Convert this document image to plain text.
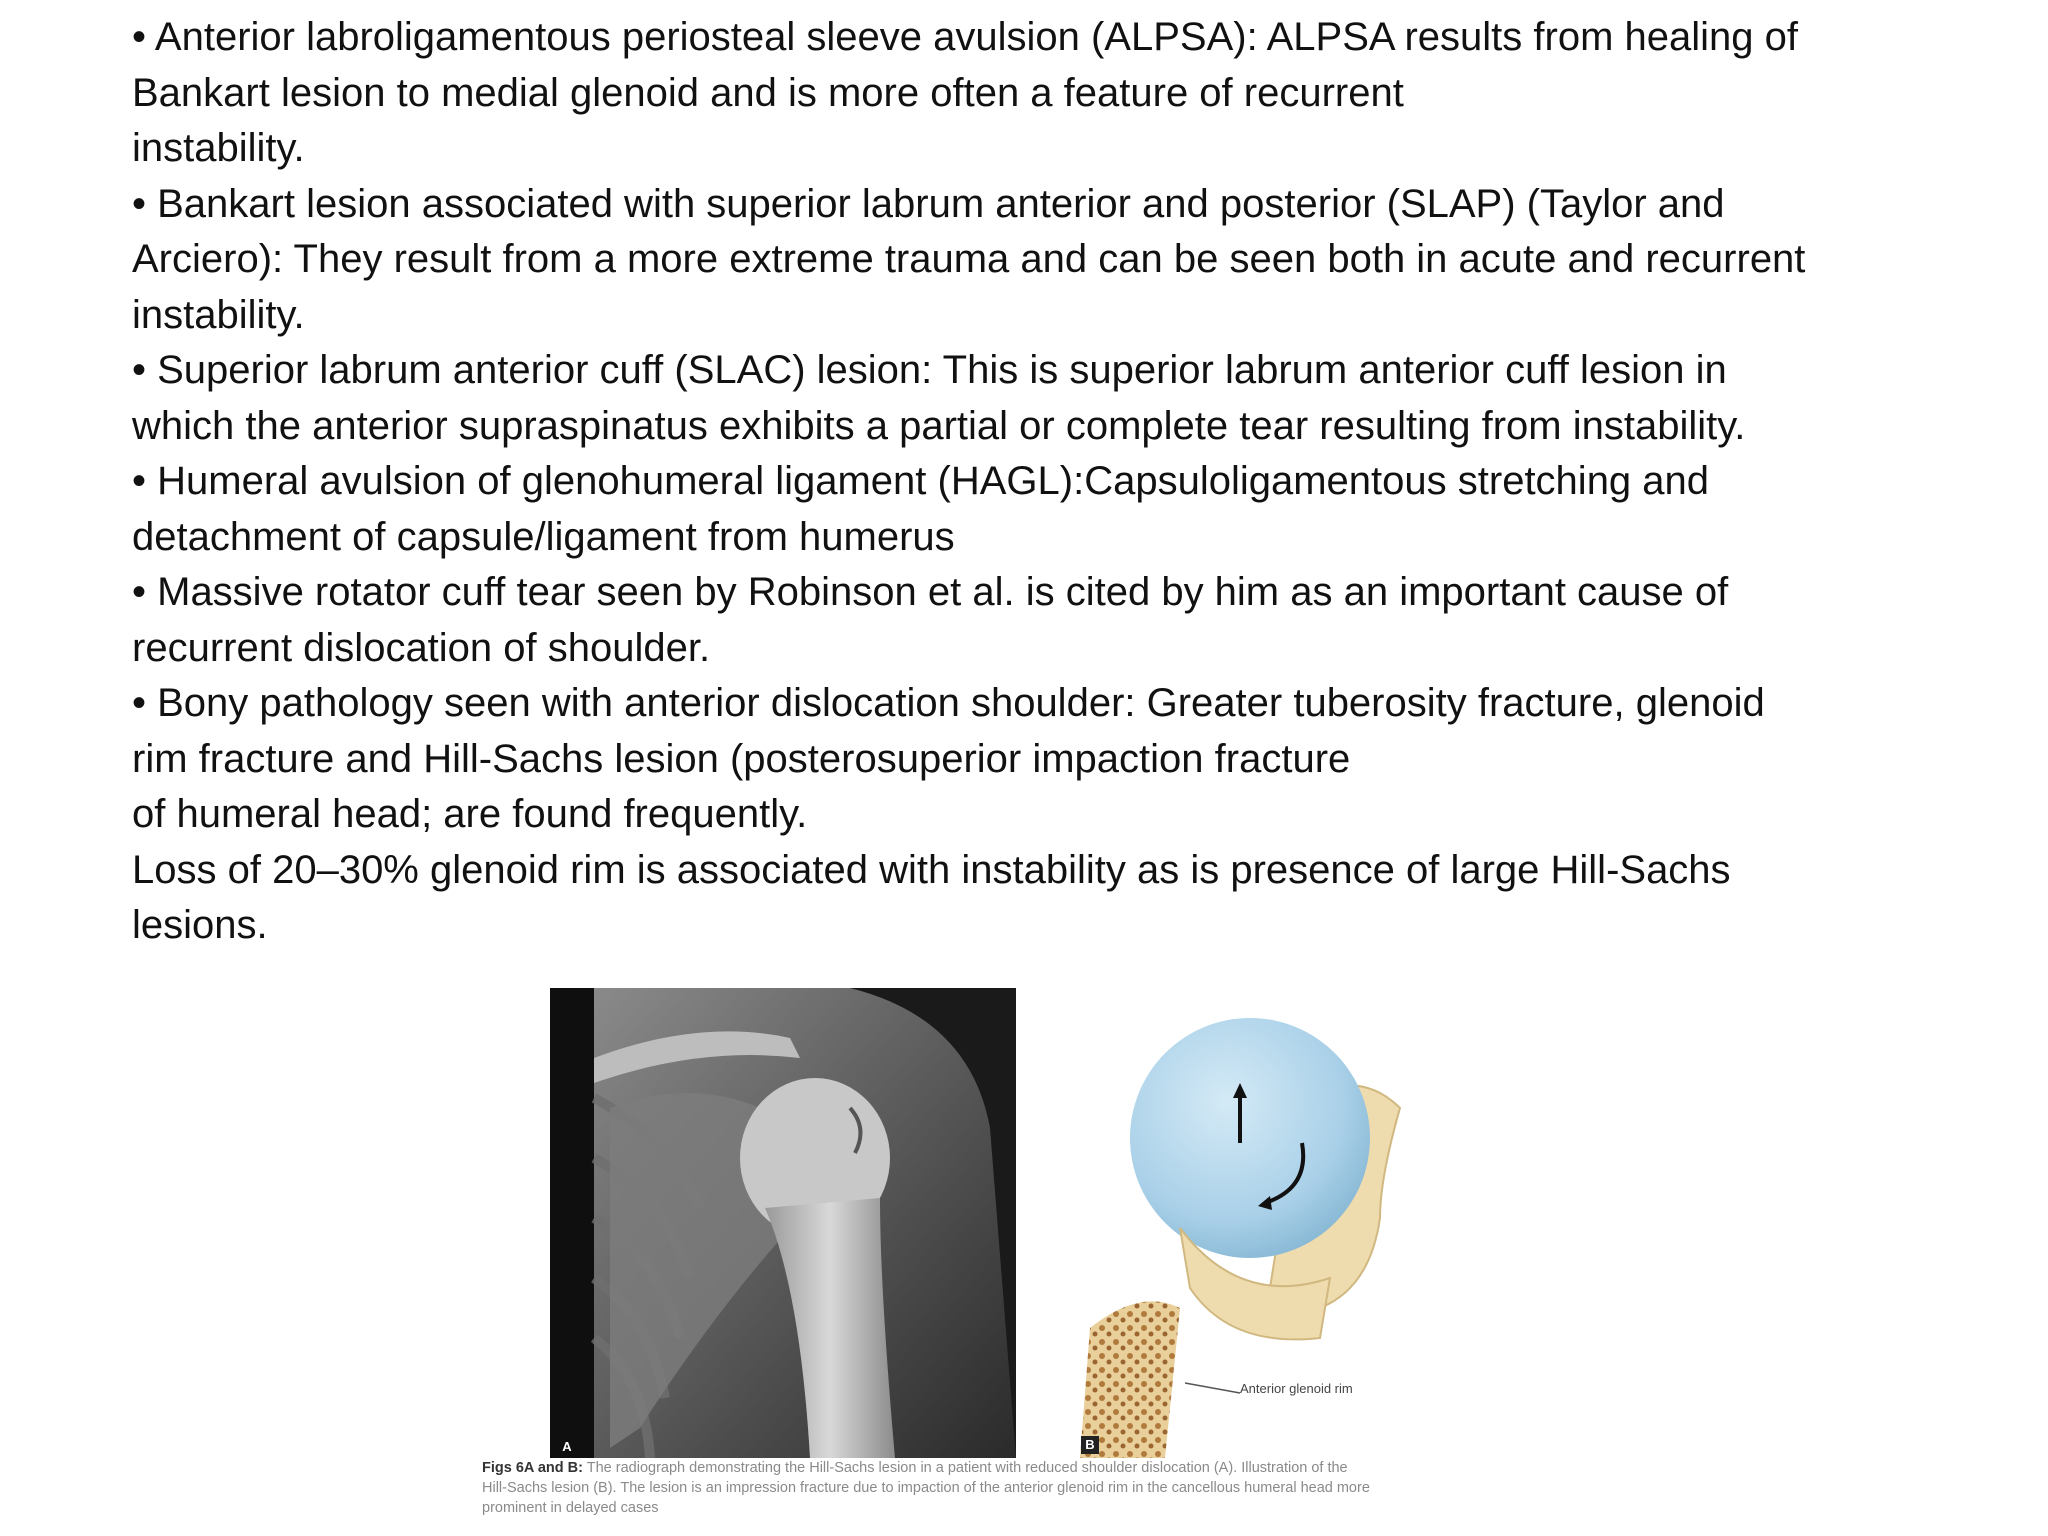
• Anterior labroligamentous periosteal sleeve avulsion (ALPSA): ALPSA results from healing of
Bankart lesion to medial glenoid and is more often a feature of recurrent
instability.

• Bankart lesion associated with superior labrum anterior and posterior (SLAP) (Taylor and
Arciero): They result from a more extreme trauma and can be seen both in acute and recurrent
instability.

• Superior labrum anterior cuff (SLAC) lesion: This is superior labrum anterior cuff lesion in
which the anterior supraspinatus exhibits a partial or complete tear resulting from instability.

• Humeral avulsion of glenohumeral ligament (HAGL):Capsuloligamentous stretching and
detachment of capsule/ligament from humerus

• Massive rotator cuff tear seen by Robinson et al. is cited by him as an important cause of
recurrent dislocation of shoulder.

• Bony pathology seen with anterior dislocation shoulder: Greater tuberosity fracture, glenoid
rim fracture and Hill-Sachs lesion (posterosuperior impaction fracture
of humeral head; are found frequently.

Loss of 20–30% glenoid rim is associated with instability as is presence of large Hill-Sachs
lesions.

A
Anterior glenoid rim
B
Figs 6A and B: The radiograph demonstrating the Hill-Sachs lesion in a patient with reduced shoulder dislocation (A). Illustration of the
Hill-Sachs lesion (B). The lesion is an impression fracture due to impaction of the anterior glenoid rim in the cancellous humeral head more
prominent in delayed cases
